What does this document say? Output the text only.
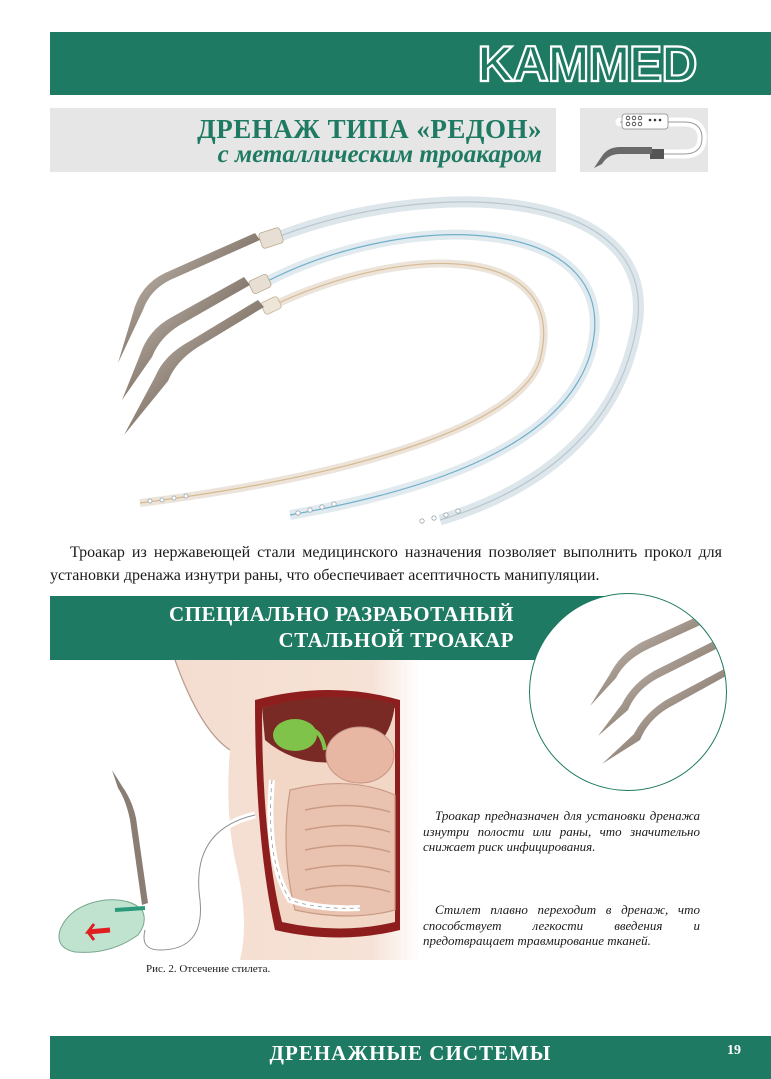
KAMMED
ДРЕНАЖ ТИПА «РЕДОН»
с металлическим троакаром
Троакар из нержавеющей стали медицинского назначения позволяет выполнить прокол для установки дренажа изнутри раны, что обеспечивает асептичность манипуляции.
СПЕЦИАЛЬНО РАЗРАБОТАНЫЙ
СТАЛЬНОЙ ТРОАКАР
Троакар предназначен для установки дренажа изнутри полости или раны, что значительно снижает риск инфицирования.
Стилет плавно переходит в дренаж, что способствует легкости введения и предотвращает травмирование тканей.
Рис. 2. Отсечение стилета.
ДРЕНАЖНЫЕ СИСТЕМЫ	19
